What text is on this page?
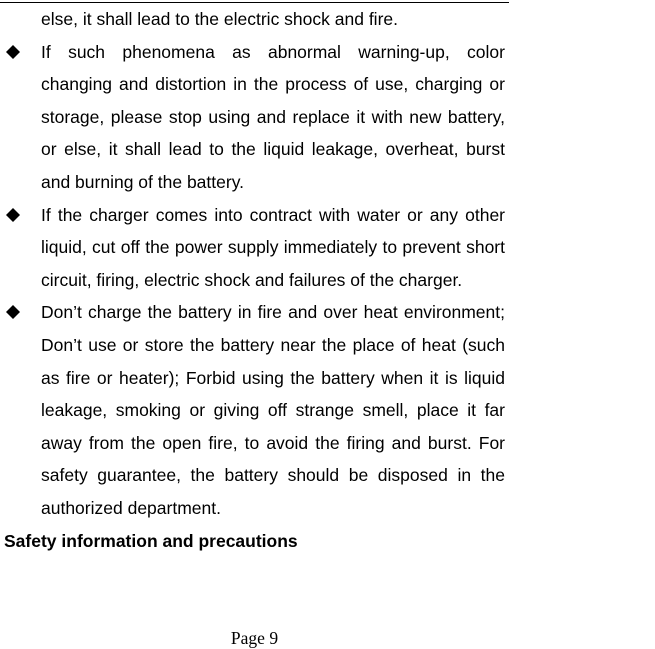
else, it shall lead to the electric shock and fire.
If such phenomena as abnormal warning-up, color changing and distortion in the process of use, charging or storage, please stop using and replace it with new battery, or else, it shall lead to the liquid leakage, overheat, burst and burning of the battery.
If the charger comes into contract with water or any other liquid, cut off the power supply immediately to prevent short circuit, firing, electric shock and failures of the charger.
Don’t charge the battery in fire and over heat environment; Don’t use or store the battery near the place of heat (such as fire or heater); Forbid using the battery when it is liquid leakage, smoking or giving off strange smell, place it far away from the open fire, to avoid the firing and burst. For safety guarantee, the battery should be disposed in the authorized department.
Safety information and precautions
Page 9
